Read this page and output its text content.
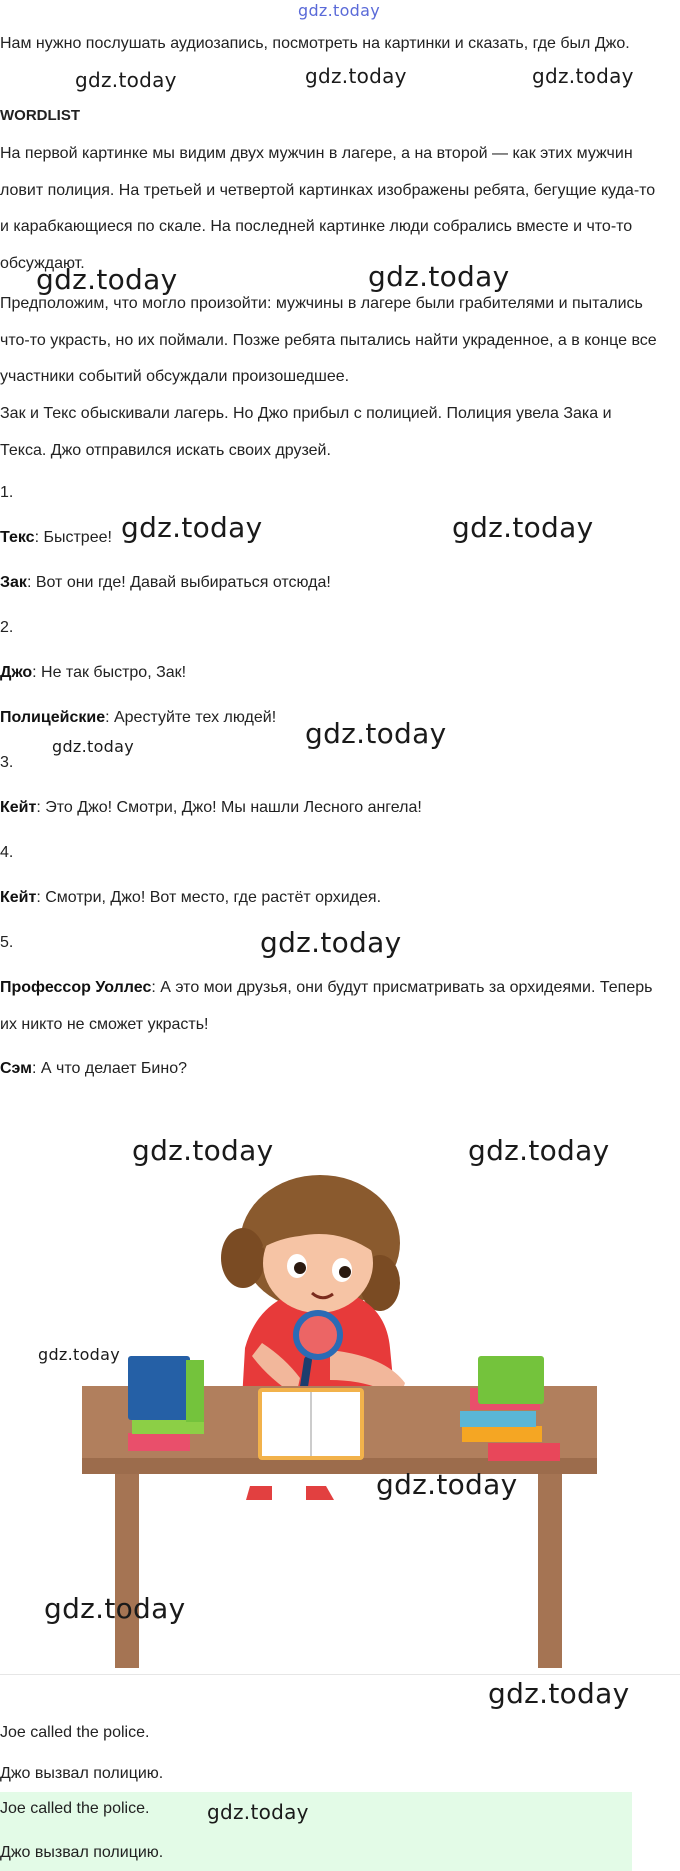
gdz.today
Нам нужно послушать аудиозапись, посмотреть на картинки и сказать, где был Джо.
WORDLIST
На первой картинке мы видим двух мужчин в лагере, а на второй — как этих мужчин ловит полиция. На третьей и четвертой картинках изображены ребята, бегущие куда-то и карабкающиеся по скале. На последней картинке люди собрались вместе и что-то обсуждают.
Предположим, что могло произойти: мужчины в лагере были грабителями и пытались что-то украсть, но их поймали. Позже ребята пытались найти украденное, а в конце все участники событий обсуждали произошедшее.
Зак и Текс обыскивали лагерь. Но Джо прибыл с полицией. Полиция увела Зака и Текса. Джо отправился искать своих друзей.
1.
Текс: Быстрее!
Зак: Вот они где! Давай выбираться отсюда!
2.
Джо: Не так быстро, Зак!
Полицейские: Арестуйте тех людей!
3.
Кейт: Это Джо! Смотри, Джо! Мы нашли Лесного ангела!
4.
Кейт: Смотри, Джо! Вот место, где растёт орхидея.
5.
Профессор Уоллес: А это мои друзья, они будут присматривать за орхидеями. Теперь их никто не сможет украсть!
Сэм: А что делает Бино?
Joe called the police.
Джо вызвал полицию.
Joe called the police.
Джо вызвал полицию.
gdz.today	gdz.today	gdz.today
gdz.today	gdz.today
gdz.today	gdz.today
gdz.today	gdz.today
gdz.today
gdz.today	gdz.today
gdz.today
gdz.today
gdz.today
gdz.today
gdz.today
